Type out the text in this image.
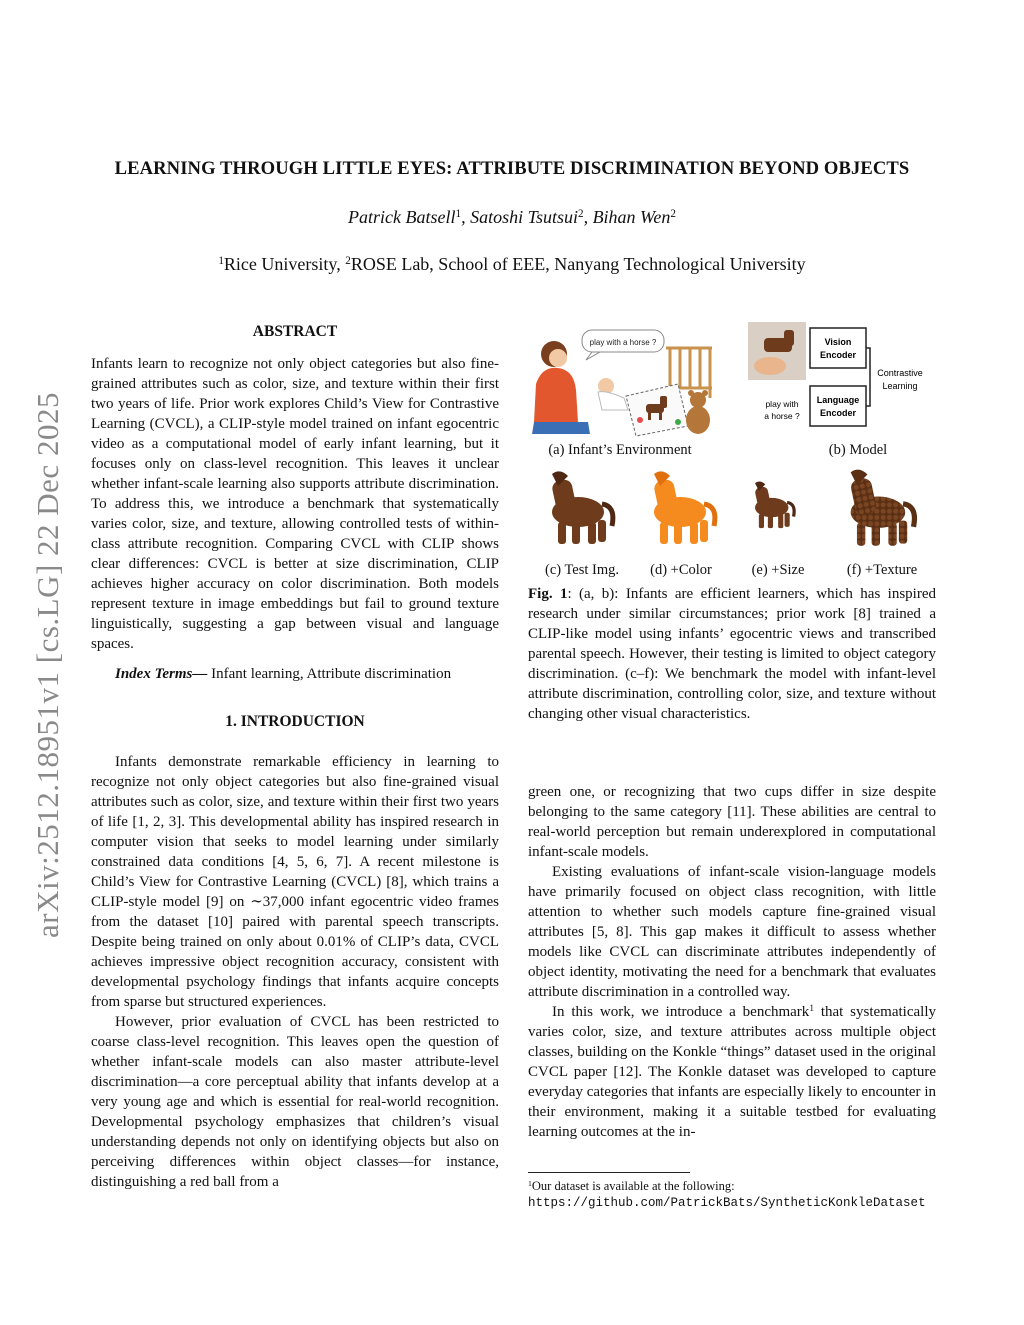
arXiv:2512.18951v1 [cs.LG] 22 Dec 2025
LEARNING THROUGH LITTLE EYES: ATTRIBUTE DISCRIMINATION BEYOND OBJECTS
Patrick Batsell$^1$, Satoshi Tsutsui$^2$, Bihan Wen$^2$
$^1$Rice University, $^2$ROSE Lab, School of EEE, Nanyang Technological University
ABSTRACT

Infants learn to recognize not only object categories but also fine-grained attributes such as color, size, and texture within their first two years of life. Prior work explores Child’s View for Contrastive Learning (CVCL), a CLIP-style model trained on infant egocentric video as a computational model of early infant learning, but it focuses only on class-level recognition. This leaves it unclear whether infant-scale learning also supports attribute discrimination. To address this, we introduce a benchmark that systematically varies color, size, and texture, allowing controlled tests of within-class attribute recognition. Comparing CVCL with CLIP shows clear differences: CVCL is better at size discrimination, CLIP achieves higher accuracy on color discrimination. Both models represent texture in image embeddings but fail to ground texture linguistically, suggesting a gap between visual and language spaces.

Index Terms— Infant learning, Attribute discrimination

1. INTRODUCTION

Infants demonstrate remarkable efficiency in learning to recognize not only object categories but also fine-grained visual attributes such as color, size, and texture within their first two years of life [1, 2, 3]. This developmental ability has inspired research in computer vision that seeks to model learning under similarly constrained data conditions [4, 5, 6, 7]. A recent milestone is Child’s View for Contrastive Learning (CVCL) [8], which trains a CLIP-style model [9] on ∼37,000 infant egocentric video frames from the dataset [10] paired with parental speech transcripts. Despite being trained on only about 0.01% of CLIP’s data, CVCL achieves impressive object recognition accuracy, consistent with developmental psychology findings that infants acquire concepts from sparse but structured experiences.

However, prior evaluation of CVCL has been restricted to coarse class-level recognition. This leaves open the question of whether infant-scale models can also master attribute-level discrimination—a core perceptual ability that infants develop at a very young age and which is essential for real-world recognition. Developmental psychology emphasizes that children’s visual understanding depends not only on identifying objects but also on perceiving differences within object classes—for instance, distinguishing a red ball from a

play with a horse ?
(a) Infant’s Environment
Vision
Encoder
Language
Encoder
play with
a horse ?
Contrastive
Learning
(b) Model
(c) Test Img.	(d) +Color	(e) +Size	(f) +Texture
Fig. 1: (a, b): Infants are efficient learners, which has inspired research under similar circumstances; prior work [8] trained a CLIP-like model using infants’ egocentric views and transcribed parental speech. However, their testing is limited to object category discrimination. (c–f): We benchmark the model with infant-level attribute discrimination, controlling color, size, and texture without changing other visual characteristics.

green one, or recognizing that two cups differ in size despite belonging to the same category [11]. These abilities are central to real-world perception but remain underexplored in computational infant-scale models.

Existing evaluations of infant-scale vision-language models have primarily focused on object class recognition, with little attention to whether such models capture fine-grained visual attributes [5, 8]. This gap makes it difficult to assess whether models like CVCL can discriminate attributes independently of object identity, motivating the need for a benchmark that evaluates attribute discrimination in a controlled way.

In this work, we introduce a benchmark$^1$ that systematically varies color, size, and texture attributes across multiple object classes, building on the Konkle “things” dataset used in the original CVCL paper [12]. The Konkle dataset was developed to capture everyday categories that infants are especially likely to encounter in their environment, making it a suitable testbed for evaluating learning outcomes at the in-

$^1$Our dataset is available at the following: https://github.com/PatrickBats/SyntheticKonkleDataset
